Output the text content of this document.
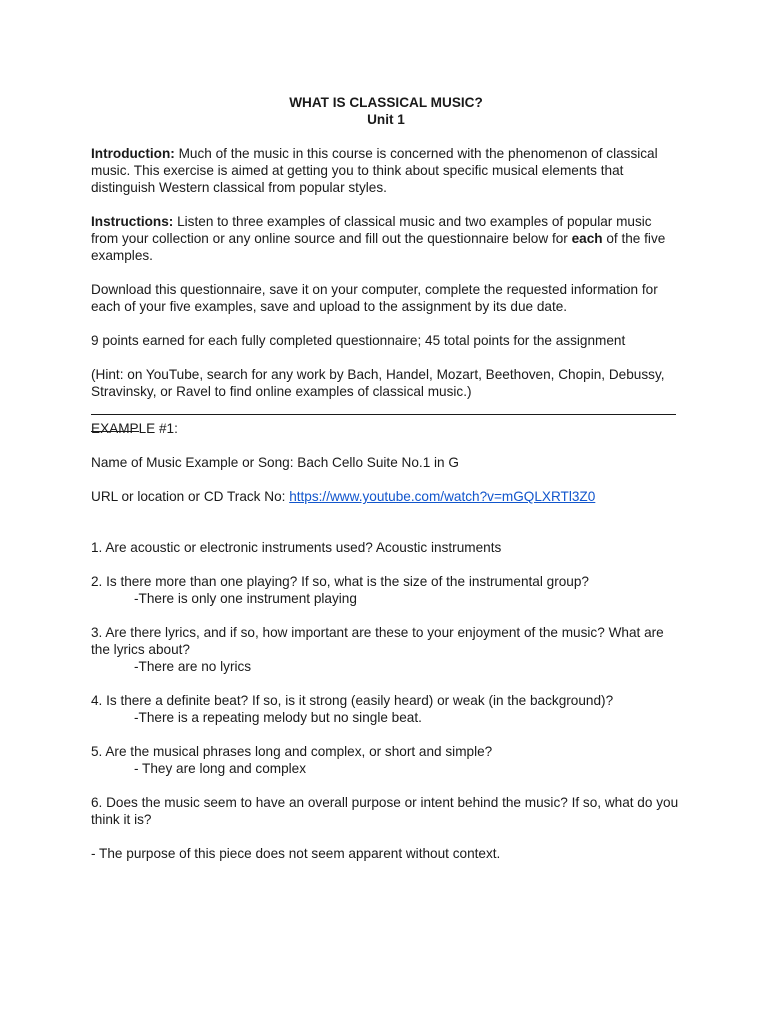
WHAT IS CLASSICAL MUSIC?

Unit 1

Introduction: Much of the music in this course is concerned with the phenomenon of classical music. This exercise is aimed at getting you to think about specific musical elements that distinguish Western classical from popular styles.

Instructions: Listen to three examples of classical music and two examples of popular music from your collection or any online source and fill out the questionnaire below for each of the five examples.

Download this questionnaire, save it on your computer, complete the requested information for each of your five examples, save and upload to the assignment by its due date.

9 points earned for each fully completed questionnaire; 45 total points for the assignment

(Hint: on YouTube, search for any work by Bach, Handel, Mozart, Beethoven, Chopin, Debussy, Stravinsky, or Ravel to find online examples of classical music.)

EXAMPLE #1:

Name of Music Example or Song: Bach Cello Suite No.1 in G

URL or location or CD Track No: https://www.youtube.com/watch?v=mGQLXRTl3Z0

1. Are acoustic or electronic instruments used? Acoustic instruments

2. Is there more than one playing? If so, what is the size of the instrumental group?

-There is only one instrument playing

3. Are there lyrics, and if so, how important are these to your enjoyment of the music? What are the lyrics about?

-There are no lyrics

4. Is there a definite beat? If so, is it strong (easily heard) or weak (in the background)?

-There is a repeating melody but no single beat.

5. Are the musical phrases long and complex, or short and simple?

- They are long and complex

6. Does the music seem to have an overall purpose or intent behind the music? If so, what do you think it is?

- The purpose of this piece does not seem apparent without context.
